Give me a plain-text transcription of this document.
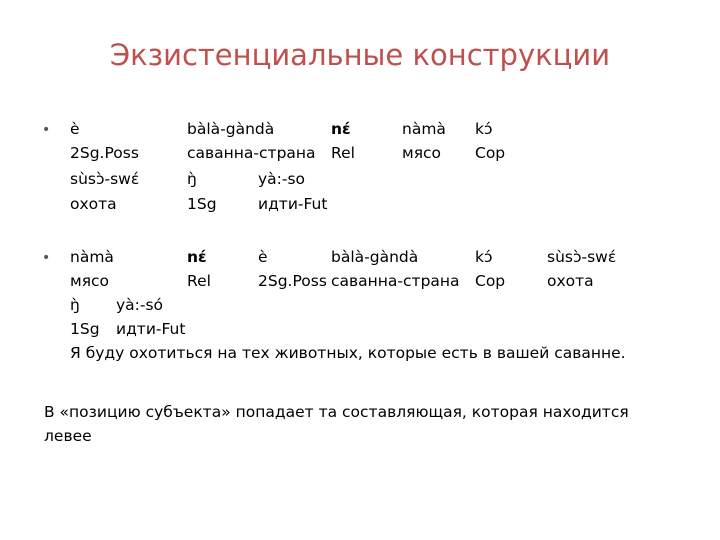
Экзистенциальные конструкции
• è
2Sg.Poss
bàlà-gàndà
саванна-страна
nɛ́
Rel
nàmà
мясо
kɔ́
Cop
sùsɔ̀-swɛ́
охота
ŋ̀
1Sg
yà:-so
идти-Fut
• nàmà
мясо
nɛ́
Rel
è
2Sg.Poss
bàlà-gàndà
саванна-страна
kɔ́
Cop
sùsɔ̀-swɛ́
охота
ŋ̀ yà:-só
1Sg идти-Fut
Я буду охотиться на тех животных, которые есть в вашей саванне.
В «позицию субъекта» попадает та составляющая, которая находится
левее
